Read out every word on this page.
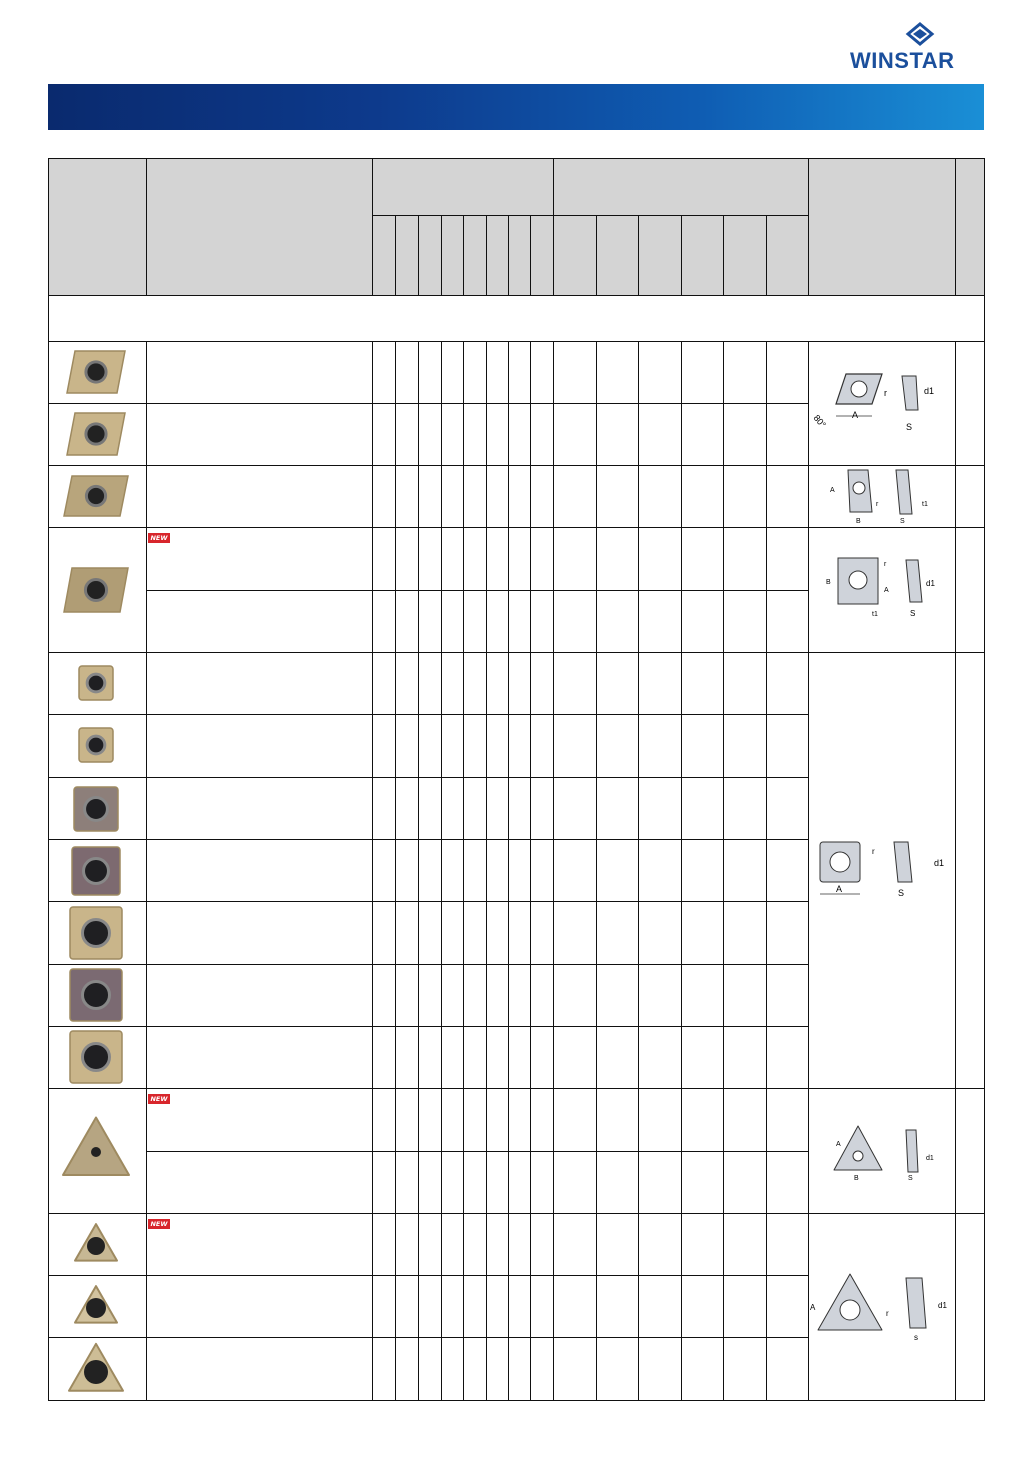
WINSTAR
NEW
NEW
NEW
A
r
80°
d1
S
A
B
r
S
t1
B
A
r
t1
d1
S
r
A
d1
S
A
B
d1
S
A
r
d1
s
